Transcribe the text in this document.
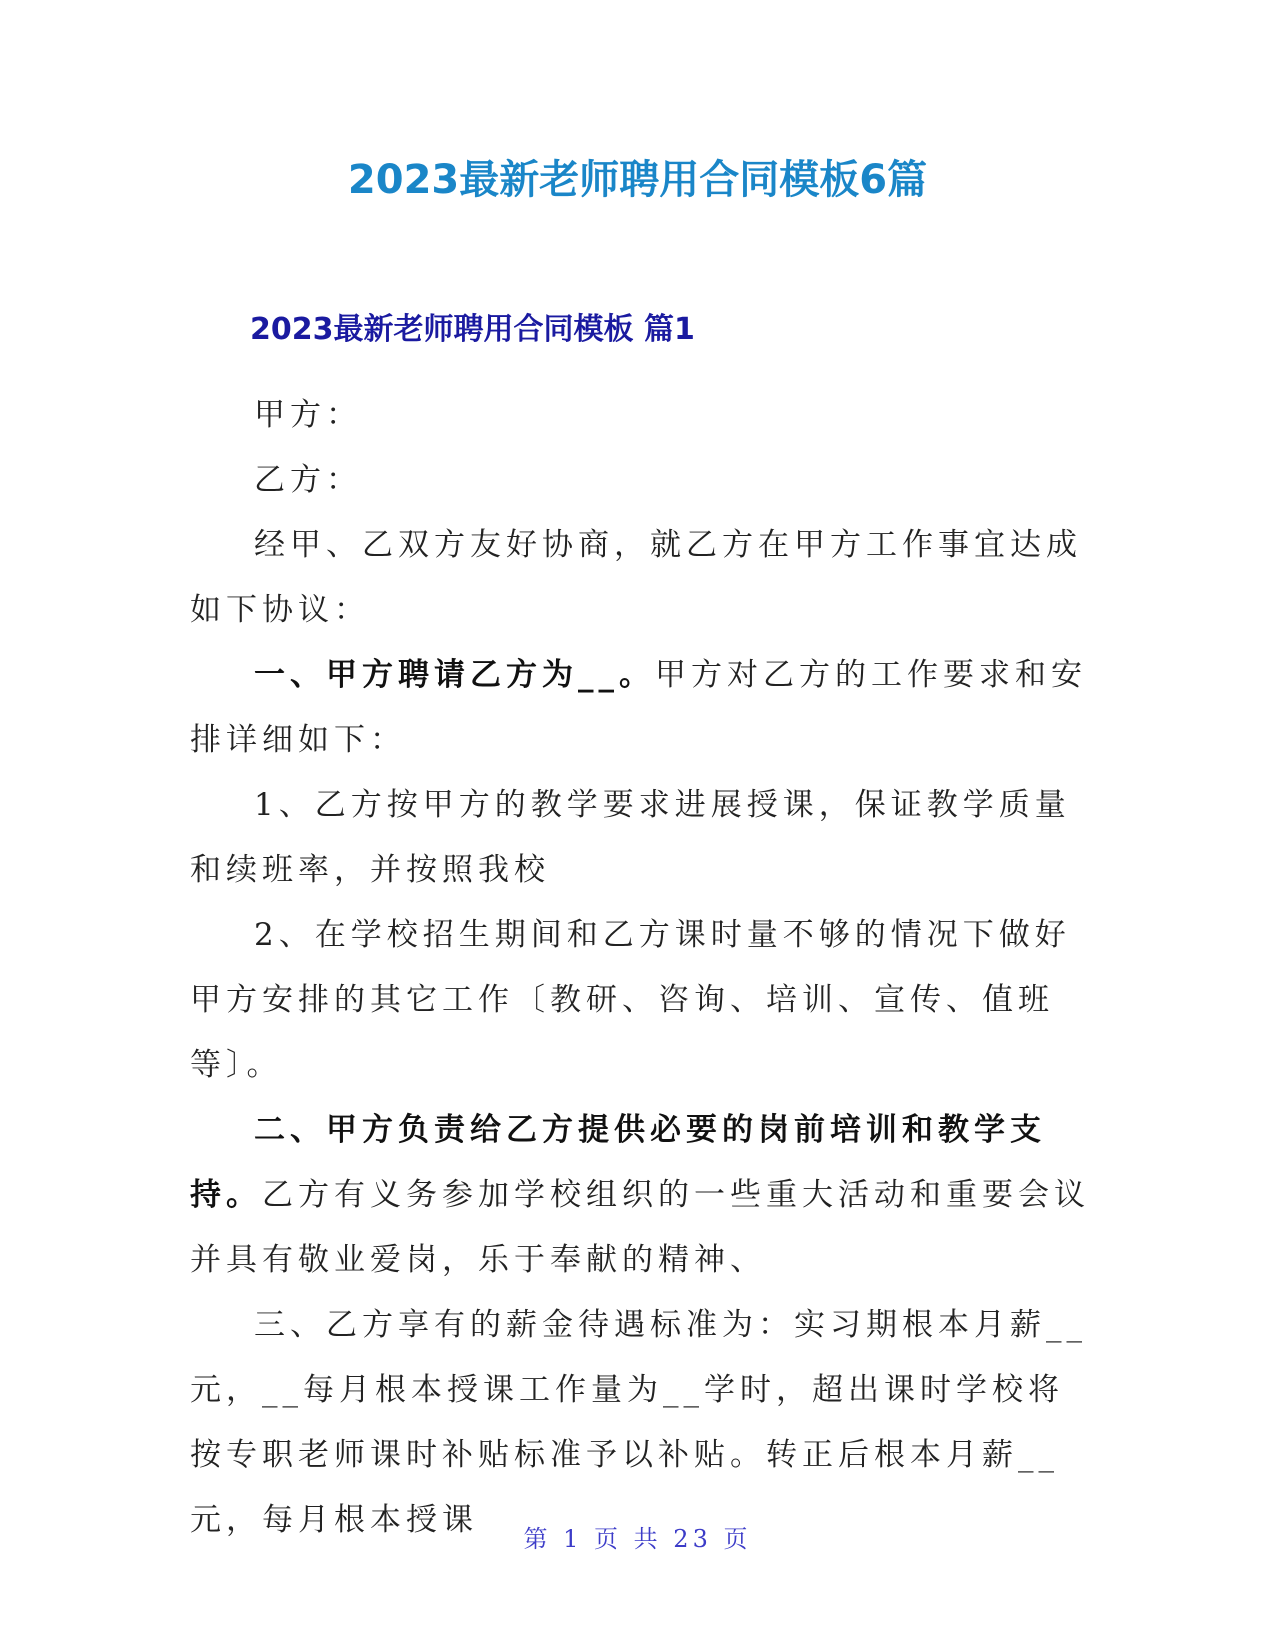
2023最新老师聘用合同模板6篇
2023最新老师聘用合同模板 篇1

甲方：

乙方：

经甲、乙双方友好协商，就乙方在甲方工作事宜达成如下协议：

一、甲方聘请乙方为__。甲方对乙方的工作要求和安排详细如下：

1、乙方按甲方的教学要求进展授课，保证教学质量和续班率，并按照我校

2、在学校招生期间和乙方课时量不够的情况下做好甲方安排的其它工作〔教研、咨询、培训、宣传、值班等〕。

二、甲方负责给乙方提供必要的岗前培训和教学支持。乙方有义务参加学校组织的一些重大活动和重要会议并具有敬业爱岗，乐于奉献的精神、

三、乙方享有的薪金待遇标准为：实习期根本月薪__元，__每月根本授课工作量为__学时，超出课时学校将按专职老师课时补贴标准予以补贴。转正后根本月薪__元，每月根本授课

第 1 页 共 23 页
